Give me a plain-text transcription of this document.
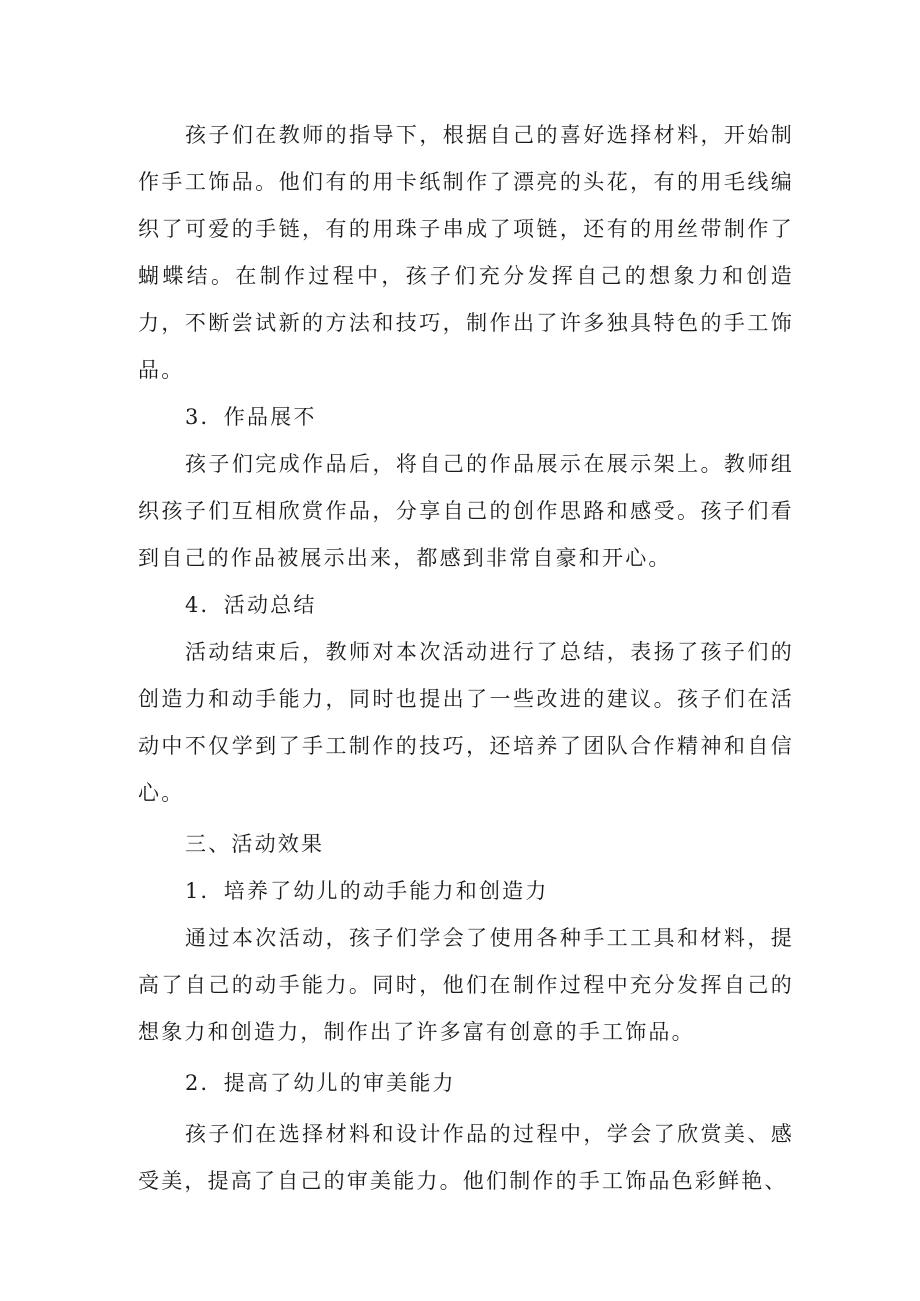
孩子们在教师的指导下，根据自己的喜好选择材料，开始制作手工饰品。他们有的用卡纸制作了漂亮的头花，有的用毛线编织了可爱的手链，有的用珠子串成了项链，还有的用丝带制作了蝴蝶结。在制作过程中，孩子们充分发挥自己的想象力和创造力，不断尝试新的方法和技巧，制作出了许多独具特色的手工饰品。

3．作品展不

孩子们完成作品后，将自己的作品展示在展示架上。教师组织孩子们互相欣赏作品，分享自己的创作思路和感受。孩子们看到自己的作品被展示出来，都感到非常自豪和开心。

4．活动总结

活动结束后，教师对本次活动进行了总结，表扬了孩子们的创造力和动手能力，同时也提出了一些改进的建议。孩子们在活动中不仅学到了手工制作的技巧，还培养了团队合作精神和自信心。

三、活动效果

1．培养了幼儿的动手能力和创造力

通过本次活动，孩子们学会了使用各种手工工具和材料，提高了自己的动手能力。同时，他们在制作过程中充分发挥自己的想象力和创造力，制作出了许多富有创意的手工饰品。

2．提高了幼儿的审美能力

孩子们在选择材料和设计作品的过程中，学会了欣赏美、感受美，提高了自己的审美能力。他们制作的手工饰品色彩鲜艳、
